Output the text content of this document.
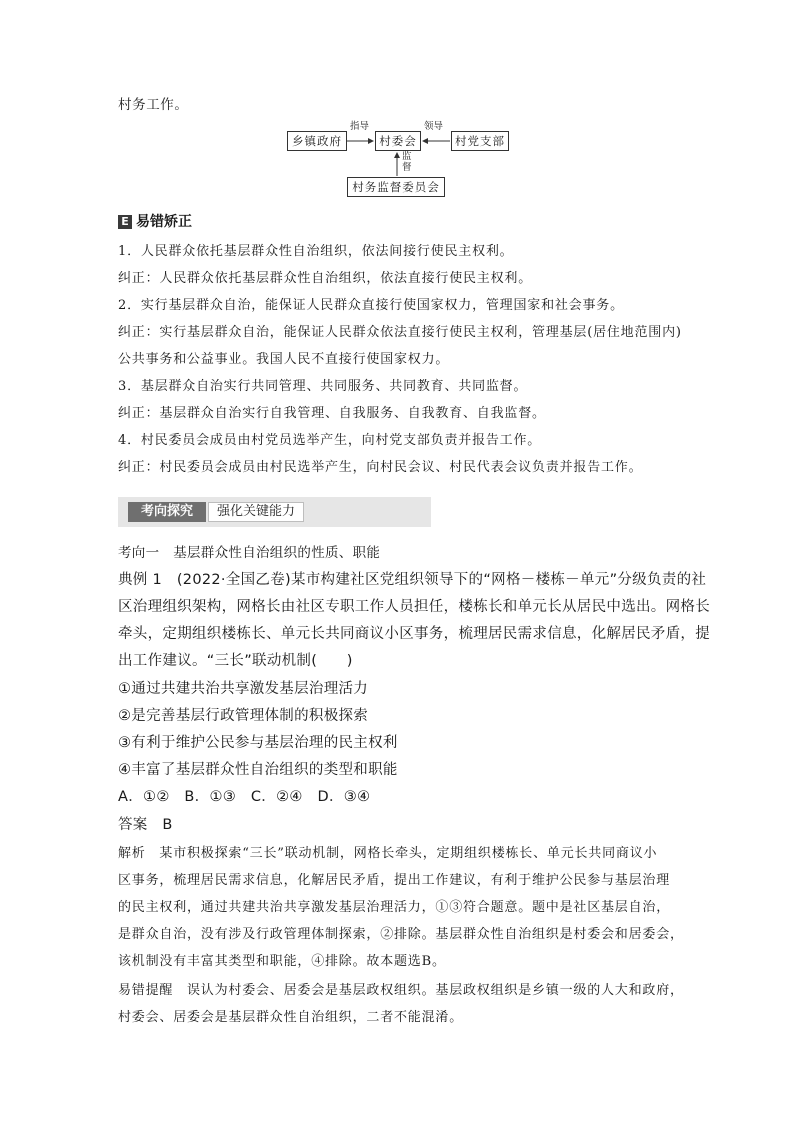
村务工作。
乡镇政府	村委会	村党支部
村务监督委员会
指导	领导
监
督
E 易错矫正
1．人民群众依托基层群众性自治组织，依法间接行使民主权利。
纠正：人民群众依托基层群众性自治组织，依法直接行使民主权利。
2．实行基层群众自治，能保证人民群众直接行使国家权力，管理国家和社会事务。
纠正：实行基层群众自治，能保证人民群众依法直接行使民主权利，管理基层(居住地范围内)
公共事务和公益事业。我国人民不直接行使国家权力。
3．基层群众自治实行共同管理、共同服务、共同教育、共同监督。
纠正：基层群众自治实行自我管理、自我服务、自我教育、自我监督。
4．村民委员会成员由村党员选举产生，向村党支部负责并报告工作。
纠正：村民委员会成员由村民选举产生，向村民会议、村民代表会议负责并报告工作。
考向探究	强化关键能力
考向一　基层群众性自治组织的性质、职能
典例 1　(2022·全国乙卷)某市构建社区党组织领导下的“网格－楼栋－单元”分级负责的社
区治理组织架构，网格长由社区专职工作人员担任，楼栋长和单元长从居民中选出。网格长
牵头，定期组织楼栋长、单元长共同商议小区事务，梳理居民需求信息，化解居民矛盾，提
出工作建议。“三长”联动机制(　　)
①通过共建共治共享激发基层治理活力
②是完善基层行政管理体制的积极探索
③有利于维护公民参与基层治理的民主权利
④丰富了基层群众性自治组织的类型和职能
A．①②　B．①③　C．②④　D．③④
答案　B
解析　某市积极探索“三长”联动机制，网格长牵头，定期组织楼栋长、单元长共同商议小
区事务，梳理居民需求信息，化解居民矛盾，提出工作建议，有利于维护公民参与基层治理
的民主权利，通过共建共治共享激发基层治理活力，①③符合题意。题中是社区基层自治，
是群众自治，没有涉及行政管理体制探索，②排除。基层群众性自治组织是村委会和居委会，
该机制没有丰富其类型和职能，④排除。故本题选B。
易错提醒　误认为村委会、居委会是基层政权组织。基层政权组织是乡镇一级的人大和政府，
村委会、居委会是基层群众性自治组织，二者不能混淆。
